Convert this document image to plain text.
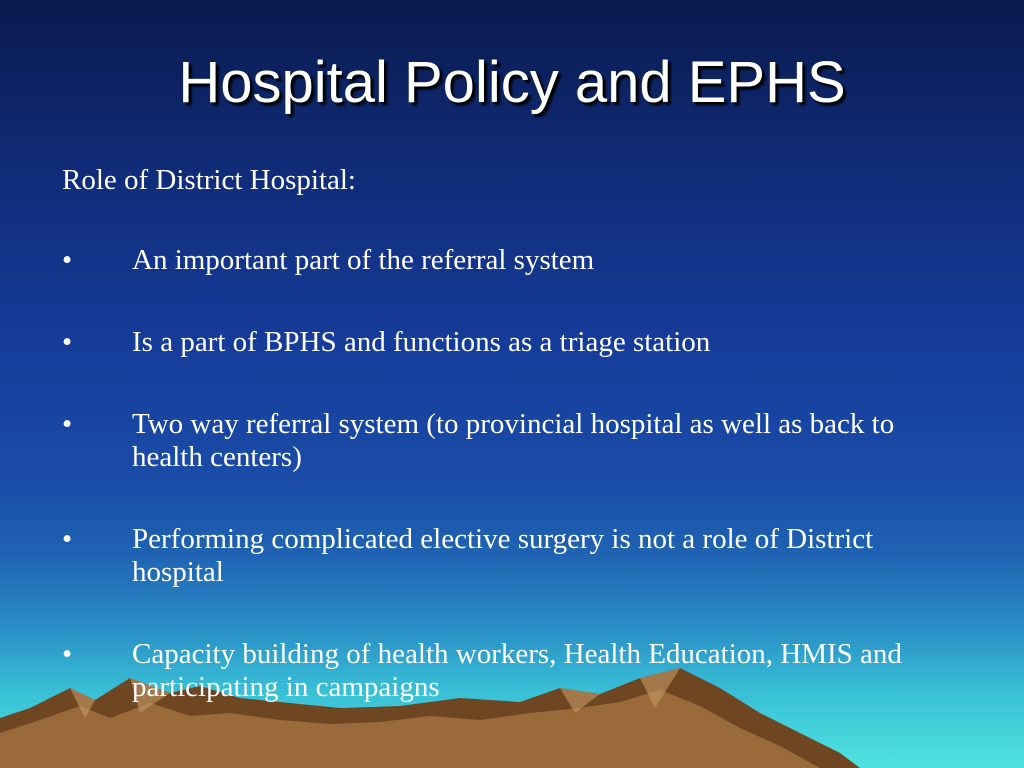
Hospital Policy and EPHS

Role of District Hospital:

• An important part of the referral system
• Is a part of BPHS and functions as a triage station
• Two way referral system (to provincial hospital as well as back to health centers)
• Performing complicated elective surgery is not a role of District hospital
• Capacity building of health workers, Health Education, HMIS and participating in campaigns
